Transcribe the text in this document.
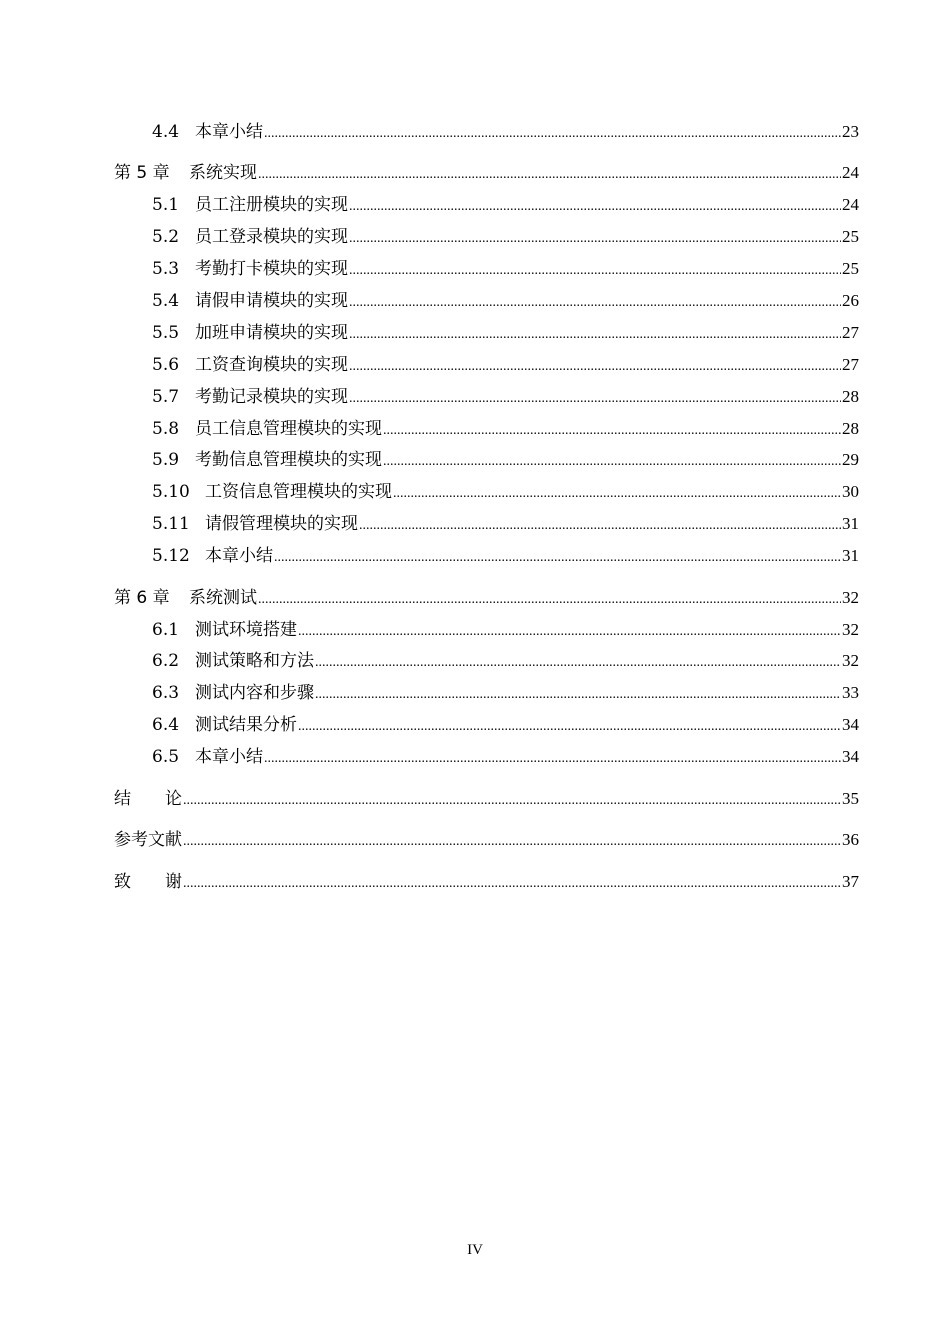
4.4 本章小结 .....	23
第 5 章	系统实现 .....	24
5.1 员工注册模块的实现 .....	24
5.2 员工登录模块的实现 .....	25
5.3 考勤打卡模块的实现 .....	25
5.4 请假申请模块的实现 .....	26
5.5 加班申请模块的实现 .....	27
5.6 工资查询模块的实现 .....	27
5.7 考勤记录模块的实现 .....	28
5.8 员工信息管理模块的实现 .....	28
5.9 考勤信息管理模块的实现 .....	29
5.10 工资信息管理模块的实现 .....	30
5.11 请假管理模块的实现 .....	31
5.12 本章小结 .....	31
第 6 章	系统测试 .....	32
6.1 测试环境搭建 .....	32
6.2 测试策略和方法 .....	32
6.3 测试内容和步骤 .....	33
6.4 测试结果分析 .....	34
6.5 本章小结 .....	34
结　　论 .....	35
参考文献 .....	36
致　　谢 .....	37
IV
